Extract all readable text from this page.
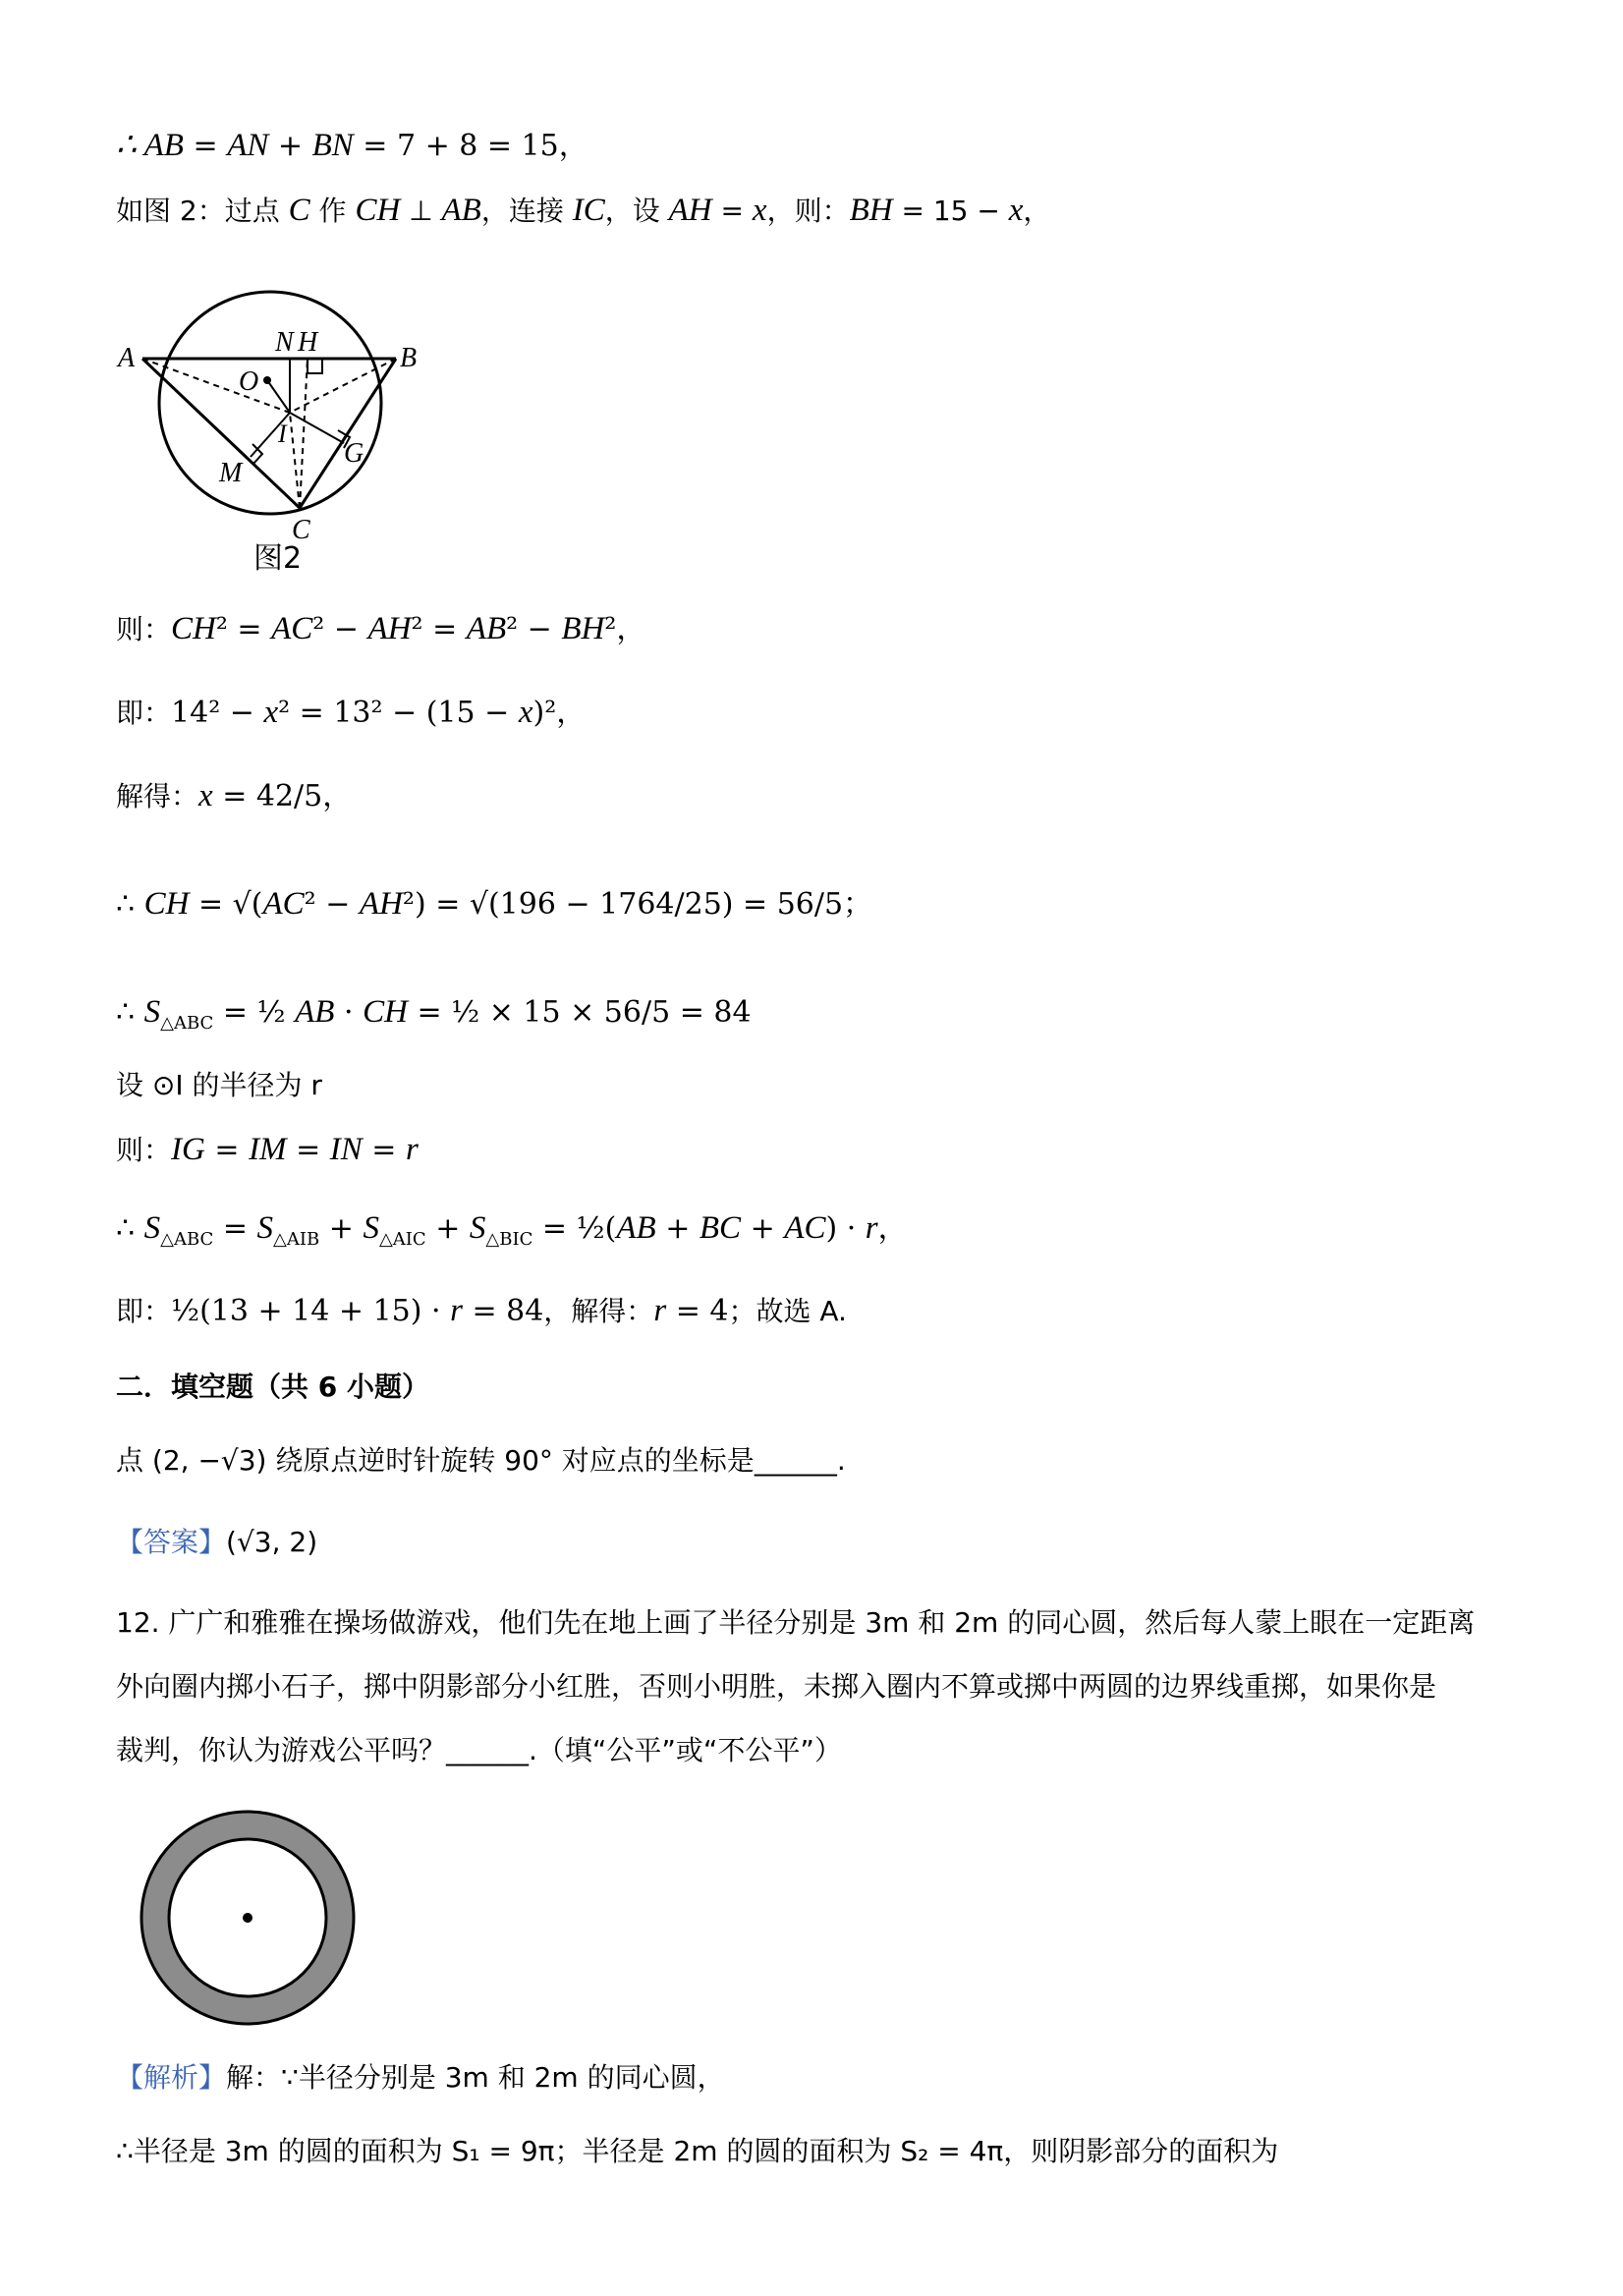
∴ AB = AN + BN = 7 + 8 = 15，
如图 2：过点 C 作 CH ⊥ AB，连接 IC，设 AH = x，则：BH = 15 − x，
A	B
C
N H
O
I
M
G
图2
则：CH² = AC² − AH² = AB² − BH²，
即：14² − x² = 13² − (15 − x)²，
解得：x = 42/5，
∴ CH = √(AC² − AH²) = √(196 − 1764/25) = 56/5；
∴ $S_{\triangle ABC}$ = ½ AB · CH = ½ × 15 × 56/5 = 84
设 ⊙I 的半径为 r
则：IG = IM = IN = r
∴ $S_{\triangle ABC} = S_{\triangle AIB} + S_{\triangle AIC} + S_{\triangle BIC}$ = ½(AB + BC + AC) · r，
即：½(13 + 14 + 15) · r = 84，解得：r = 4；故选 A.
二．填空题（共 6 小题）
点 (2, −√3) 绕原点逆时针旋转 90° 对应点的坐标是______.
【答案】(√3, 2)
12. 广广和雅雅在操场做游戏，他们先在地上画了半径分别是 3m 和 2m 的同心圆，然后每人蒙上眼在一定距离
外向圈内掷小石子，掷中阴影部分小红胜，否则小明胜，未掷入圈内不算或掷中两圆的边界线重掷，如果你是
裁判，你认为游戏公平吗？______.（填“公平”或“不公平”）
【解析】解：∵半径分别是 3m 和 2m 的同心圆，
∴半径是 3m 的圆的面积为 S₁ = 9π；半径是 2m 的圆的面积为 S₂ = 4π，则阴影部分的面积为
